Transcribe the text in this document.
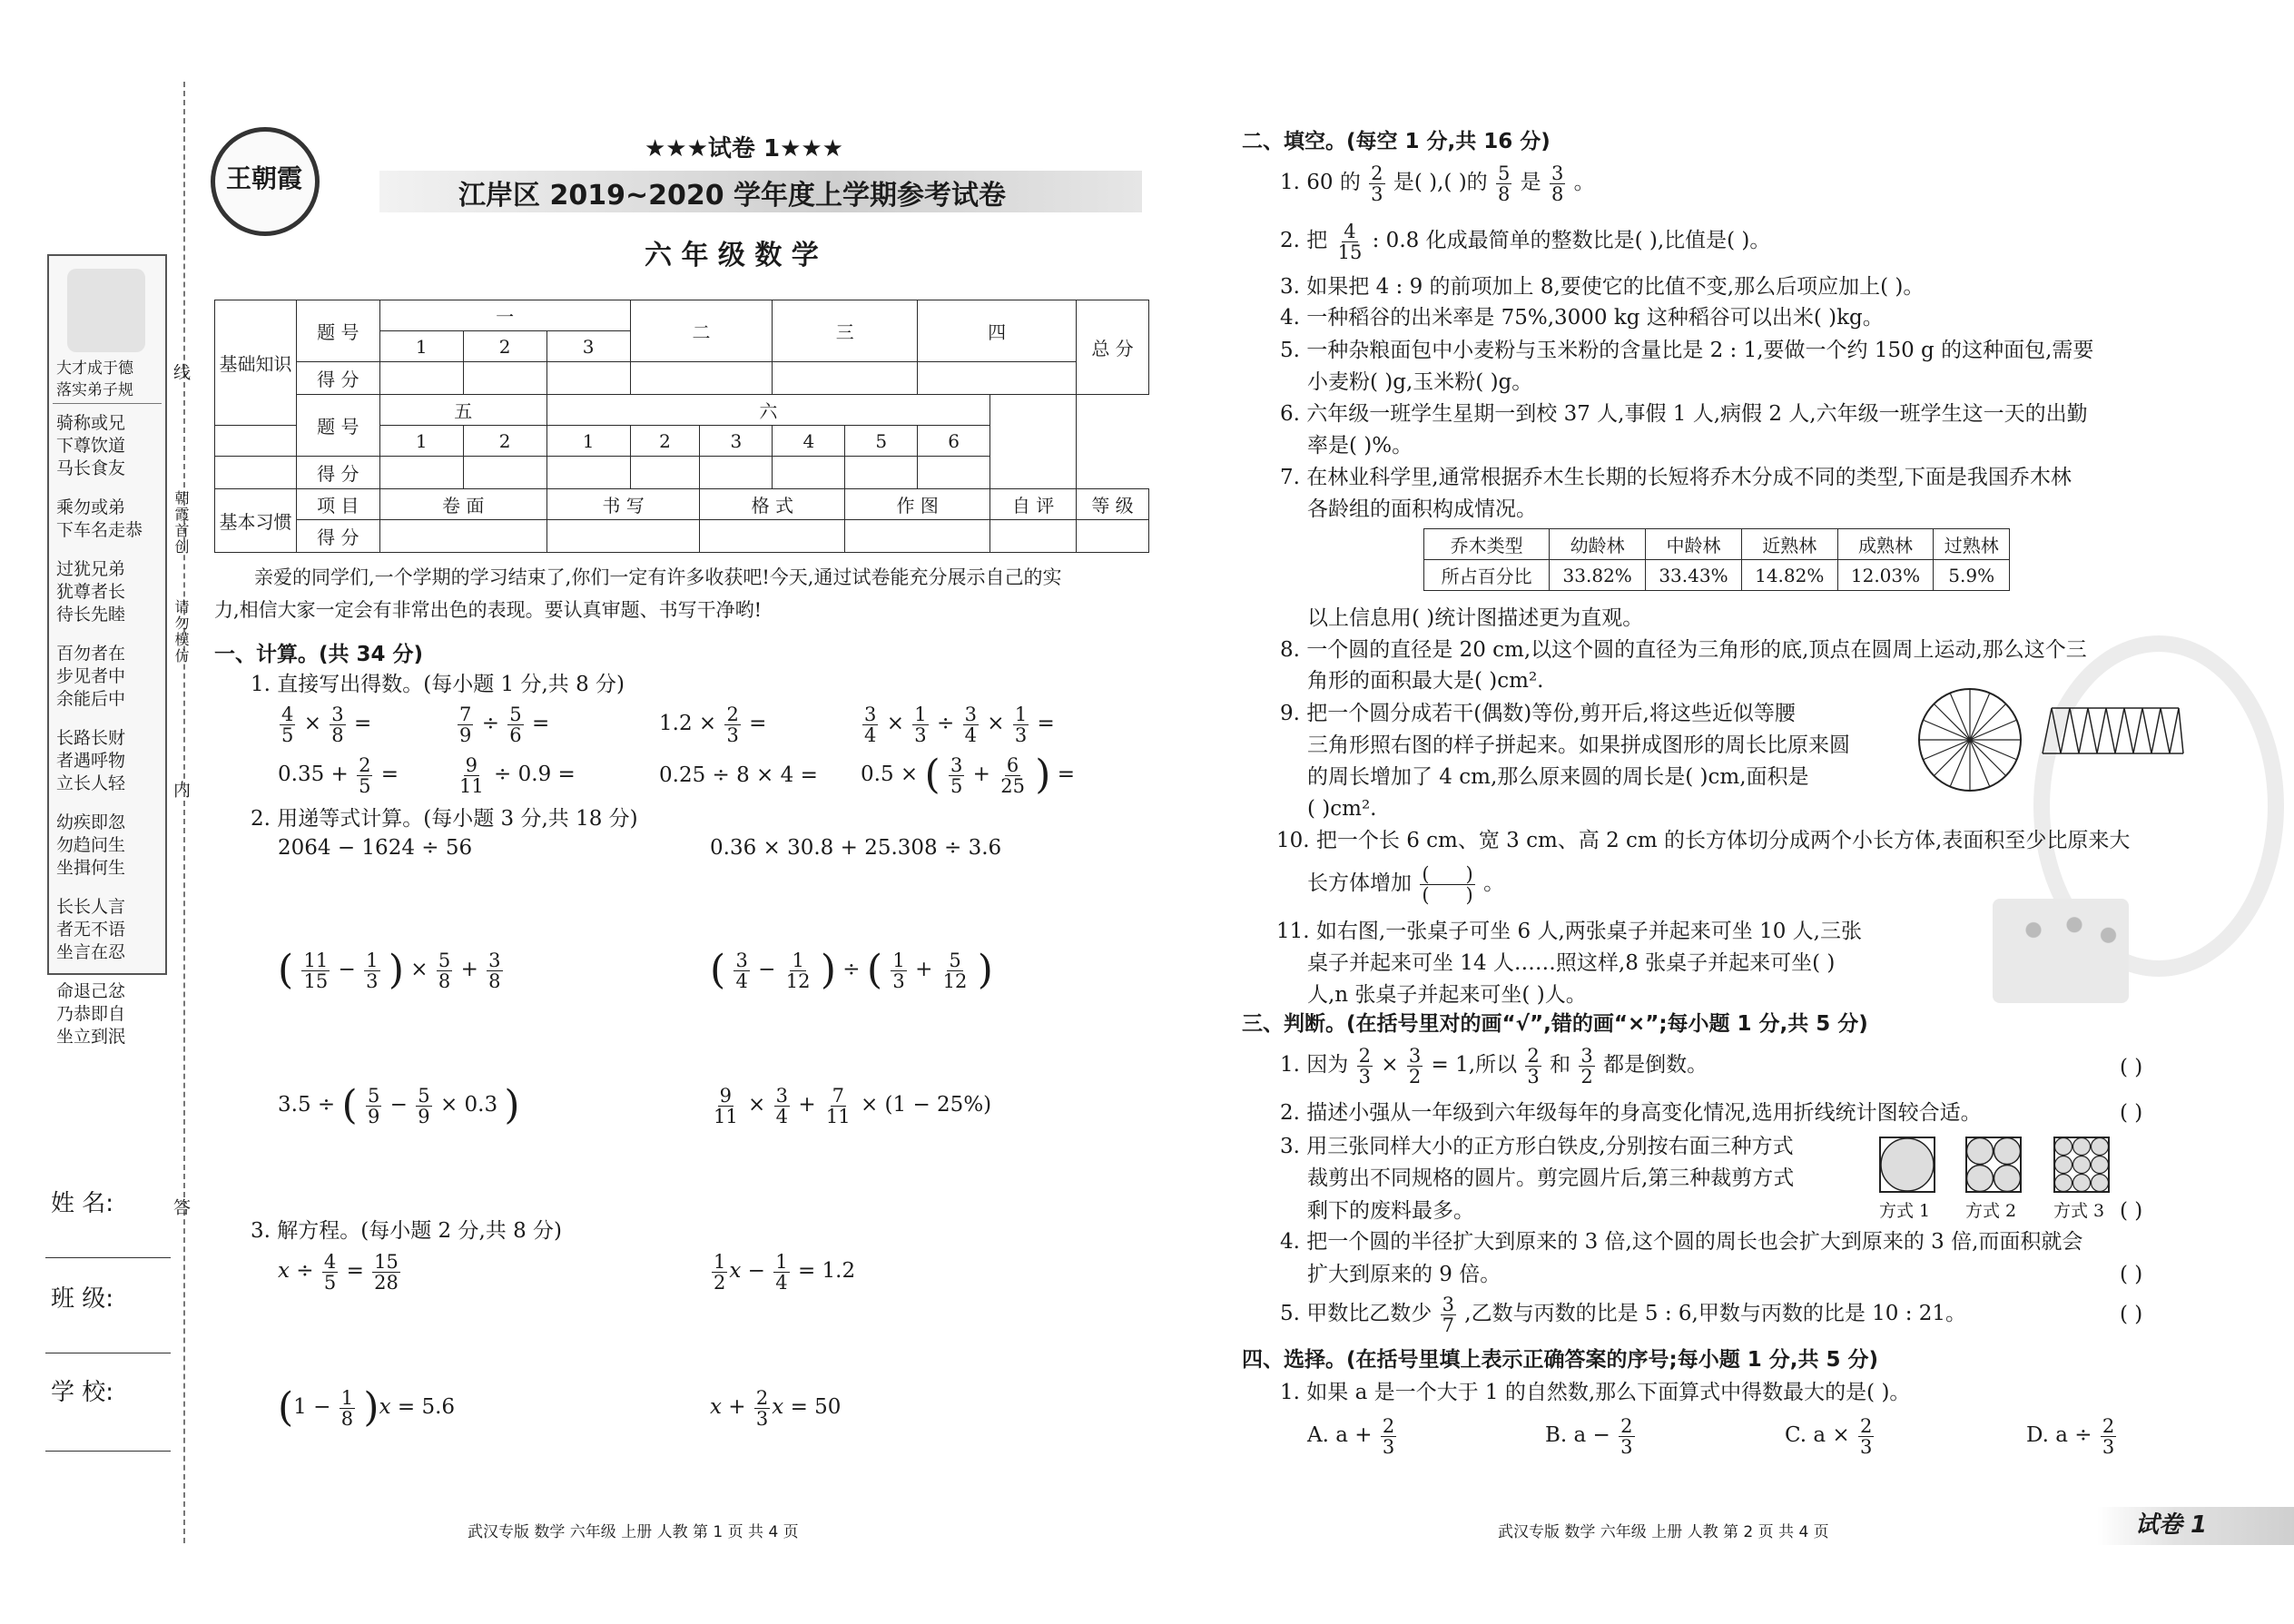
大才成于德
落实弟子规
骑称或兄
下尊饮道
马长食友
乘勿或弟
下车名走恭
过犹兄弟
犹尊者长
待长先睦
百勿者在
步见者中
余能后中
长路长财
者遇呼物
立长人轻
幼疾即忽
勿趋问生
坐揖何生
长长人言
者无不语
坐言在忍
命退己忿
乃恭即自
坐立到泯
线
朝霞首创
请勿模仿
内
答
姓 名:
班 级:
学 校:
王朝霞
★★★试卷 1★★★
江岸区 2019~2020 学年度上学期参考试卷
六 年 级 数 学
基础知识	题 号	一			二		三		四		总 分
		1	2	3							
	得 分										
	题 号	五		六							
		1	2	1	2	3	4	5	6		
	得 分										
基本习惯	项 目	卷 面		书 写		格 式		作 图		自 评	等 级
	得 分										
亲爱的同学们,一个学期的学习结束了,你们一定有许多收获吧!今天,通过试卷能充分展示自己的实
力,相信大家一定会有非常出色的表现。要认真审题、书写干净哟!
一、计算。(共 34 分)
1. 直接写出得数。(每小题 1 分,共 8 分)
$\frac{4}{5} \times \frac{3}{8}$ =	$\frac{7}{9} \div \frac{5}{6}$ =	$1.2 \times \frac{2}{3}$ =	$\frac{3}{4} \times \frac{1}{3} \div \frac{3}{4} \times \frac{1}{3}$ =
$0.35 + \frac{2}{5}$ =	$\frac{9}{11} \div 0.9$ =	0.25 ÷ 8 × 4 = 0.5 × ( $\frac{3}{5} + \frac{6}{25}$ ) =
2. 用递等式计算。(每小题 3 分,共 18 分)
2064 − 1624 ÷ 56	0.36 × 30.8 + 25.308 ÷ 3.6
( $\frac{11}{15} - \frac{1}{3}$ ) × $\frac{5}{8} + \frac{3}{8}$	( $\frac{3}{4} - \frac{1}{12}$ ) ÷ ( $\frac{1}{3} + \frac{5}{12}$ )
3.5 ÷ ( $\frac{5}{9} - \frac{5}{9} \times 0.3$ )	$\frac{9}{11} \times \frac{3}{4} + \frac{7}{11} \times (1 - 25\%)$
3. 解方程。(每小题 2 分,共 8 分)
$x \div \frac{4}{5} = \frac{15}{28}$	$\frac{1}{2}$ $x - \frac{1}{4} = 1.2$
$(1 - \frac{1}{8} )x = 5.6$	$x + \frac{2}{3}$ x = 50
武汉专版 数学 六年级 上册 人教 第 1 页 共 4 页
二、填空。(每空 1 分,共 16 分)
1. 60 的 $\frac{2}{3}$ 是( ),( )的 $\frac{5}{8}$ 是 $\frac{3}{8}$ 。
2. 把 $\frac{4}{15}$ : 0.8 化成最简单的整数比是( ),比值是( )。
3. 如果把 4 : 9 的前项加上 8,要使它的比值不变,那么后项应加上( )。
4. 一种稻谷的出米率是 75%,3000 kg 这种稻谷可以出米( )kg。
5. 一种杂粮面包中小麦粉与玉米粉的含量比是 2 : 1,要做一个约 150 g 的这种面包,需要
小麦粉( )g,玉米粉( )g。
6. 六年级一班学生星期一到校 37 人,事假 1 人,病假 2 人,六年级一班学生这一天的出勤
率是( )%。
7. 在林业科学里,通常根据乔木生长期的长短将乔木分成不同的类型,下面是我国乔木林
各龄组的面积构成情况。
乔木类型	幼龄林	中龄林	近熟林	成熟林	过熟林
所占百分比	33.82%	33.43%	14.82%	12.03%	5.9%
以上信息用( )统计图描述更为直观。
8. 一个圆的直径是 20 cm,以这个圆的直径为三角形的底,顶点在圆周上运动,那么这个三
角形的面积最大是( )cm².
9. 把一个圆分成若干(偶数)等份,剪开后,将这些近似等腰
三角形照右图的样子拼起来。如果拼成图形的周长比原来圆
的周长增加了 4 cm,那么原来圆的周长是( )cm,面积是
( )cm².
10. 把一个长 6 cm、宽 3 cm、高 2 cm 的长方体切分成两个小长方体,表面积至少比原来大
长方体增加 (      )
(      ) 。
11. 如右图,一张桌子可坐 6 人,两张桌子并起来可坐 10 人,三张
桌子并起来可坐 14 人……照这样,8 张桌子并起来可坐( )
人,n 张桌子并起来可坐( )人。
三、判断。(在括号里对的画“√”,错的画“×”;每小题 1 分,共 5 分)
1. 因为 $\frac{2}{3} \times \frac{3}{2} = 1$,所以 $\frac{2}{3}$ 和 $\frac{3}{2}$ 都是倒数。	( )
2. 描述小强从一年级到六年级每年的身高变化情况,选用折线统计图较合适。	( )
3. 用三张同样大小的正方形白铁皮,分别按右面三种方式
裁剪出不同规格的圆片。剪完圆片后,第三种裁剪方式
剩下的废料最多。	方式 1 方式 2 方式 3 ( )
4. 把一个圆的半径扩大到原来的 3 倍,这个圆的周长也会扩大到原来的 3 倍,而面积就会
扩大到原来的 9 倍。	( )
5. 甲数比乙数少 $\frac{3}{7}$ ,乙数与丙数的比是 5 : 6,甲数与丙数的比是 10 : 21。	( )
四、选择。(在括号里填上表示正确答案的序号;每小题 1 分,共 5 分)
1. 如果 a 是一个大于 1 的自然数,那么下面算式中得数最大的是( )。
A. $a + \frac{2}{3}$	B. $a - \frac{2}{3}$	C. $a \times \frac{2}{3}$	D. $a \div \frac{2}{3}$
武汉专版 数学 六年级 上册 人教 第 2 页 共 4 页	试卷 1
